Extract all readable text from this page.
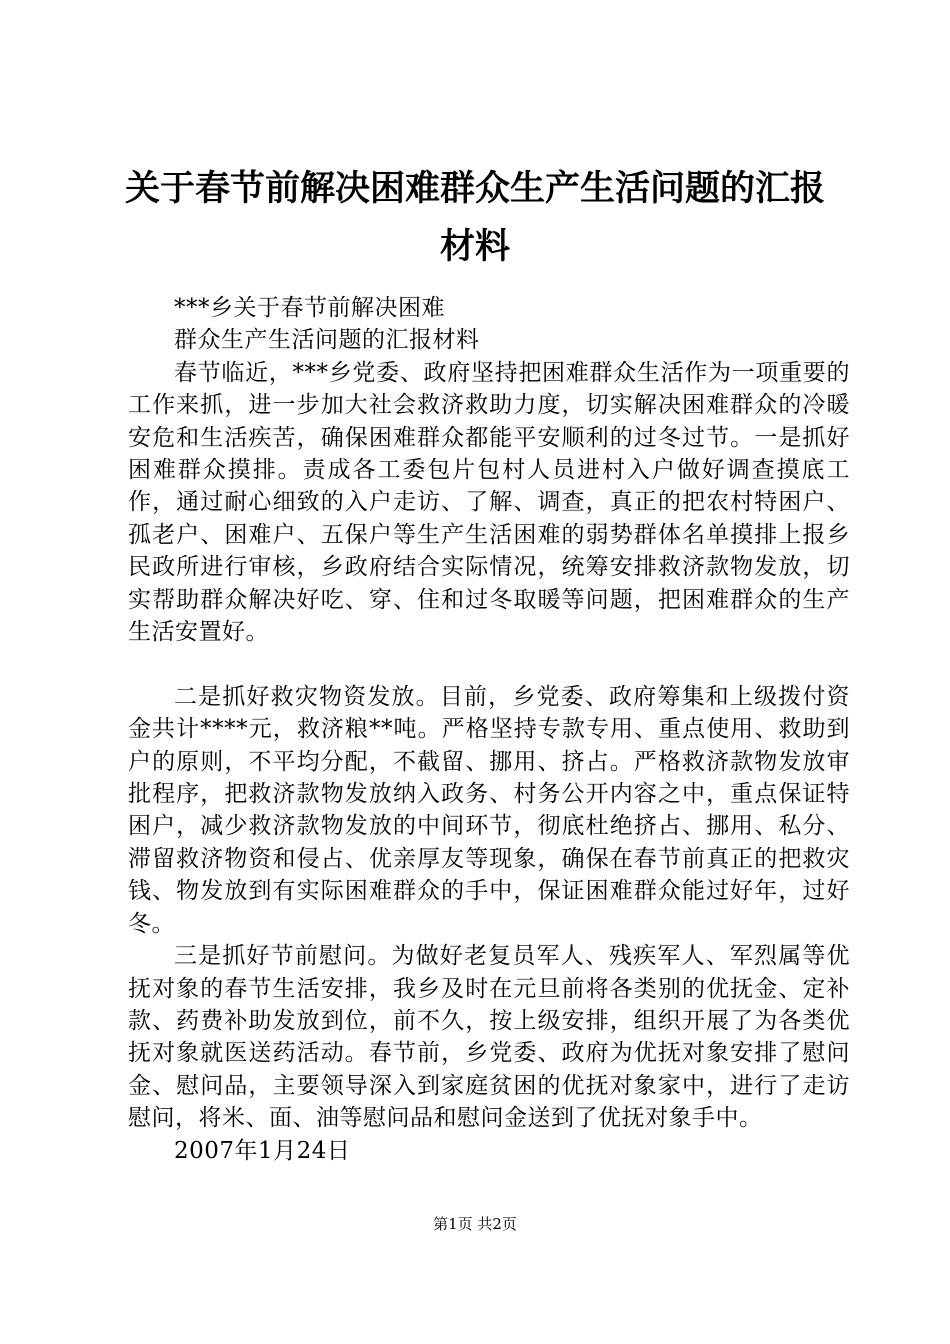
关于春节前解决困难群众生产生活问题的汇报材料

***乡关于春节前解决困难

群众生产生活问题的汇报材料

春节临近，***乡党委、政府坚持把困难群众生活作为一项重要的工作来抓，进一步加大社会救济救助力度，切实解决困难群众的冷暖安危和生活疾苦，确保困难群众都能平安顺利的过冬过节。一是抓好困难群众摸排。责成各工委包片包村人员进村入户做好调查摸底工作，通过耐心细致的入户走访、了解、调查，真正的把农村特困户、孤老户、困难户、五保户等生产生活困难的弱势群体名单摸排上报乡民政所进行审核，乡政府结合实际情况，统筹安排救济款物发放，切实帮助群众解决好吃、穿、住和过冬取暖等问题，把困难群众的生产生活安置好。

二是抓好救灾物资发放。目前，乡党委、政府筹集和上级拨付资金共计****元，救济粮**吨。严格坚持专款专用、重点使用、救助到户的原则，不平均分配，不截留、挪用、挤占。严格救济款物发放审批程序，把救济款物发放纳入政务、村务公开内容之中，重点保证特困户，减少救济款物发放的中间环节，彻底杜绝挤占、挪用、私分、滞留救济物资和侵占、优亲厚友等现象，确保在春节前真正的把救灾钱、物发放到有实际困难群众的手中，保证困难群众能过好年，过好冬。

三是抓好节前慰问。为做好老复员军人、残疾军人、军烈属等优抚对象的春节生活安排，我乡及时在元旦前将各类别的优抚金、定补款、药费补助发放到位，前不久，按上级安排，组织开展了为各类优抚对象就医送药活动。春节前，乡党委、政府为优抚对象安排了慰问金、慰问品，主要领导深入到家庭贫困的优抚对象家中，进行了走访慰问，将米、面、油等慰问品和慰问金送到了优抚对象手中。

2007年1月24日

第1页 共2页
